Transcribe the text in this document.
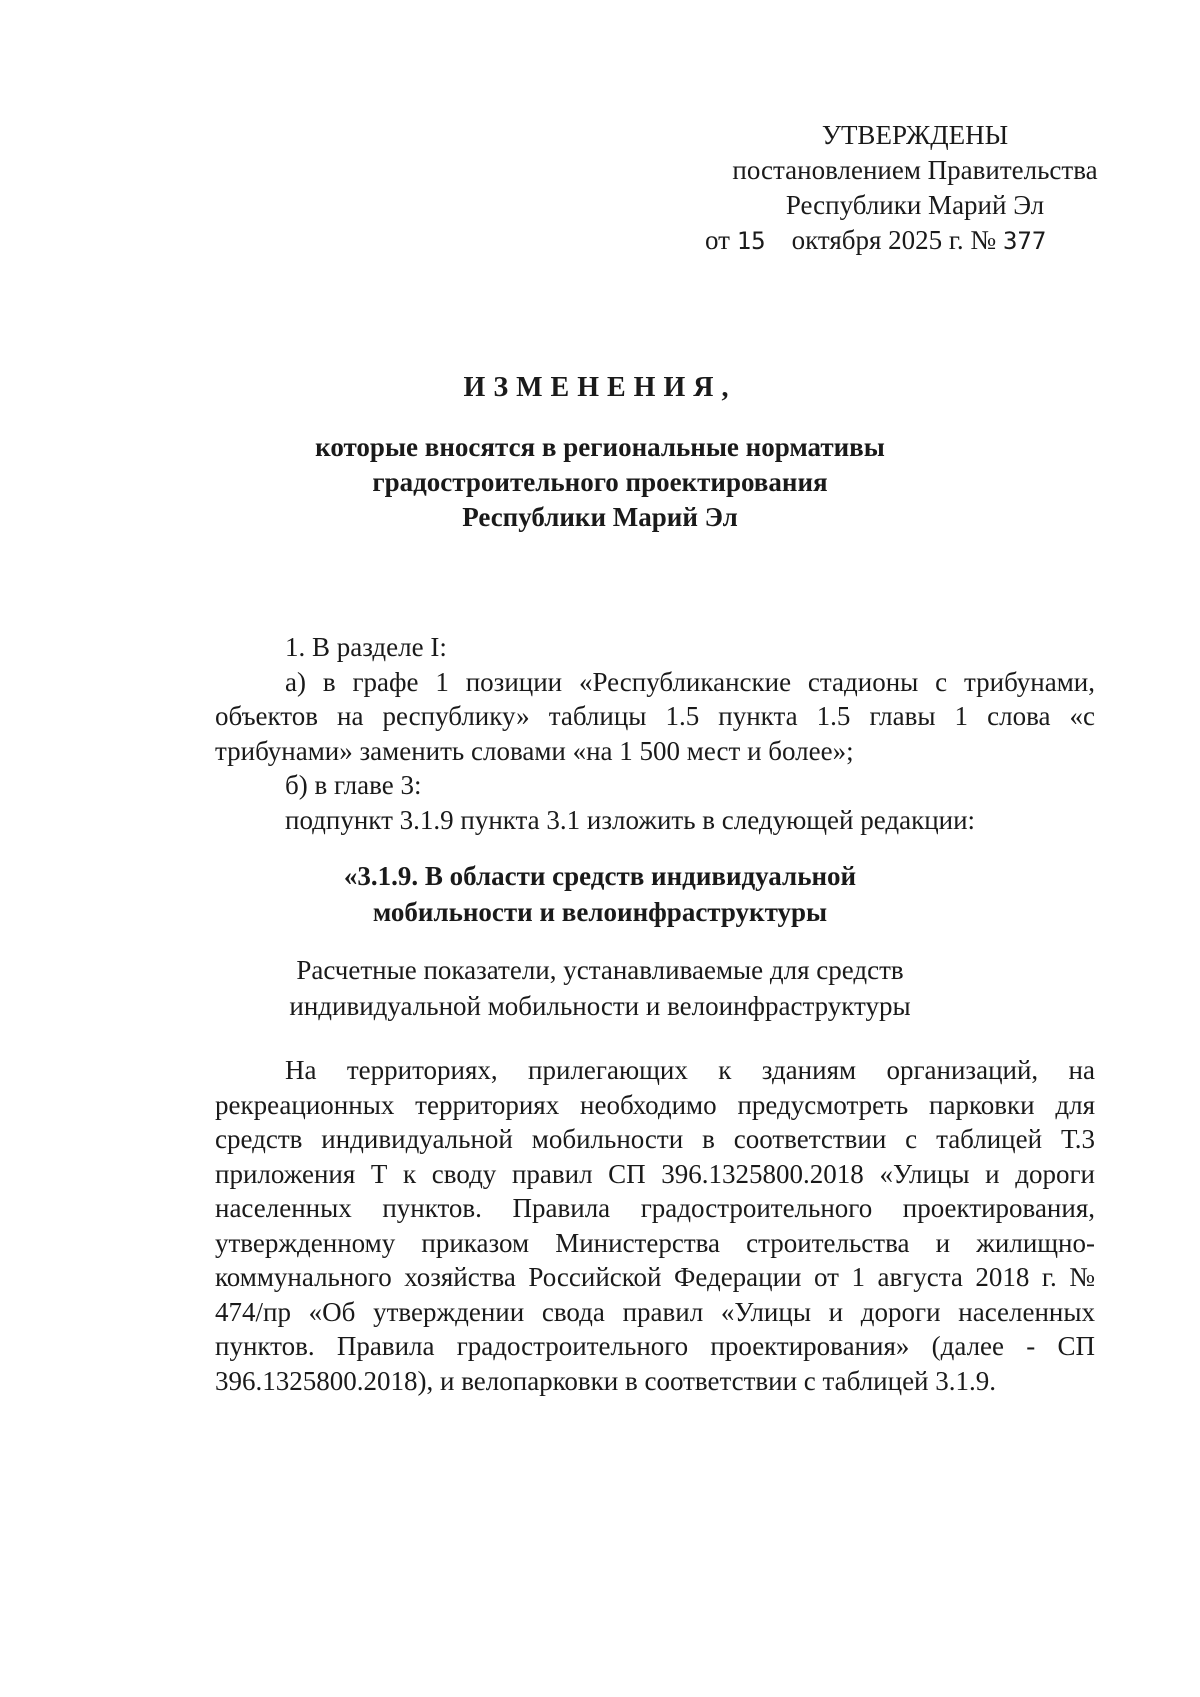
УТВЕРЖДЕНЫ
постановлением Правительства
Республики Марий Эл
от 15 октября 2025 г. № 377
ИЗМЕНЕНИЯ,
которые вносятся в региональные нормативы
градостроительного проектирования
Республики Марий Эл

1. В разделе I:

а) в графе 1 позиции «Республиканские стадионы с трибунами, объектов на республику» таблицы 1.5 пункта 1.5 главы 1 слова «с трибунами» заменить словами «на 1 500 мест и более»;

б) в главе 3:

подпункт 3.1.9 пункта 3.1 изложить в следующей редакции:

«3.1.9. В области средств индивидуальной
мобильности и велоинфраструктуры
Расчетные показатели, устанавливаемые для средств
индивидуальной мобильности и велоинфраструктуры

На территориях, прилегающих к зданиям организаций, на рекреационных территориях необходимо предусмотреть парковки для средств индивидуальной мобильности в соответствии с таблицей Т.3 приложения Т к своду правил СП 396.1325800.2018 «Улицы и дороги населенных пунктов. Правила градостроительного проектирования, утвержденному приказом Министерства строительства и жилищно-коммунального хозяйства Российской Федерации от 1 августа 2018 г. № 474/пр «Об утверждении свода правил «Улицы и дороги населенных пунктов. Правила градостроительного проектирования» (далее - СП 396.1325800.2018), и велопарковки в соответствии с таблицей 3.1.9.
